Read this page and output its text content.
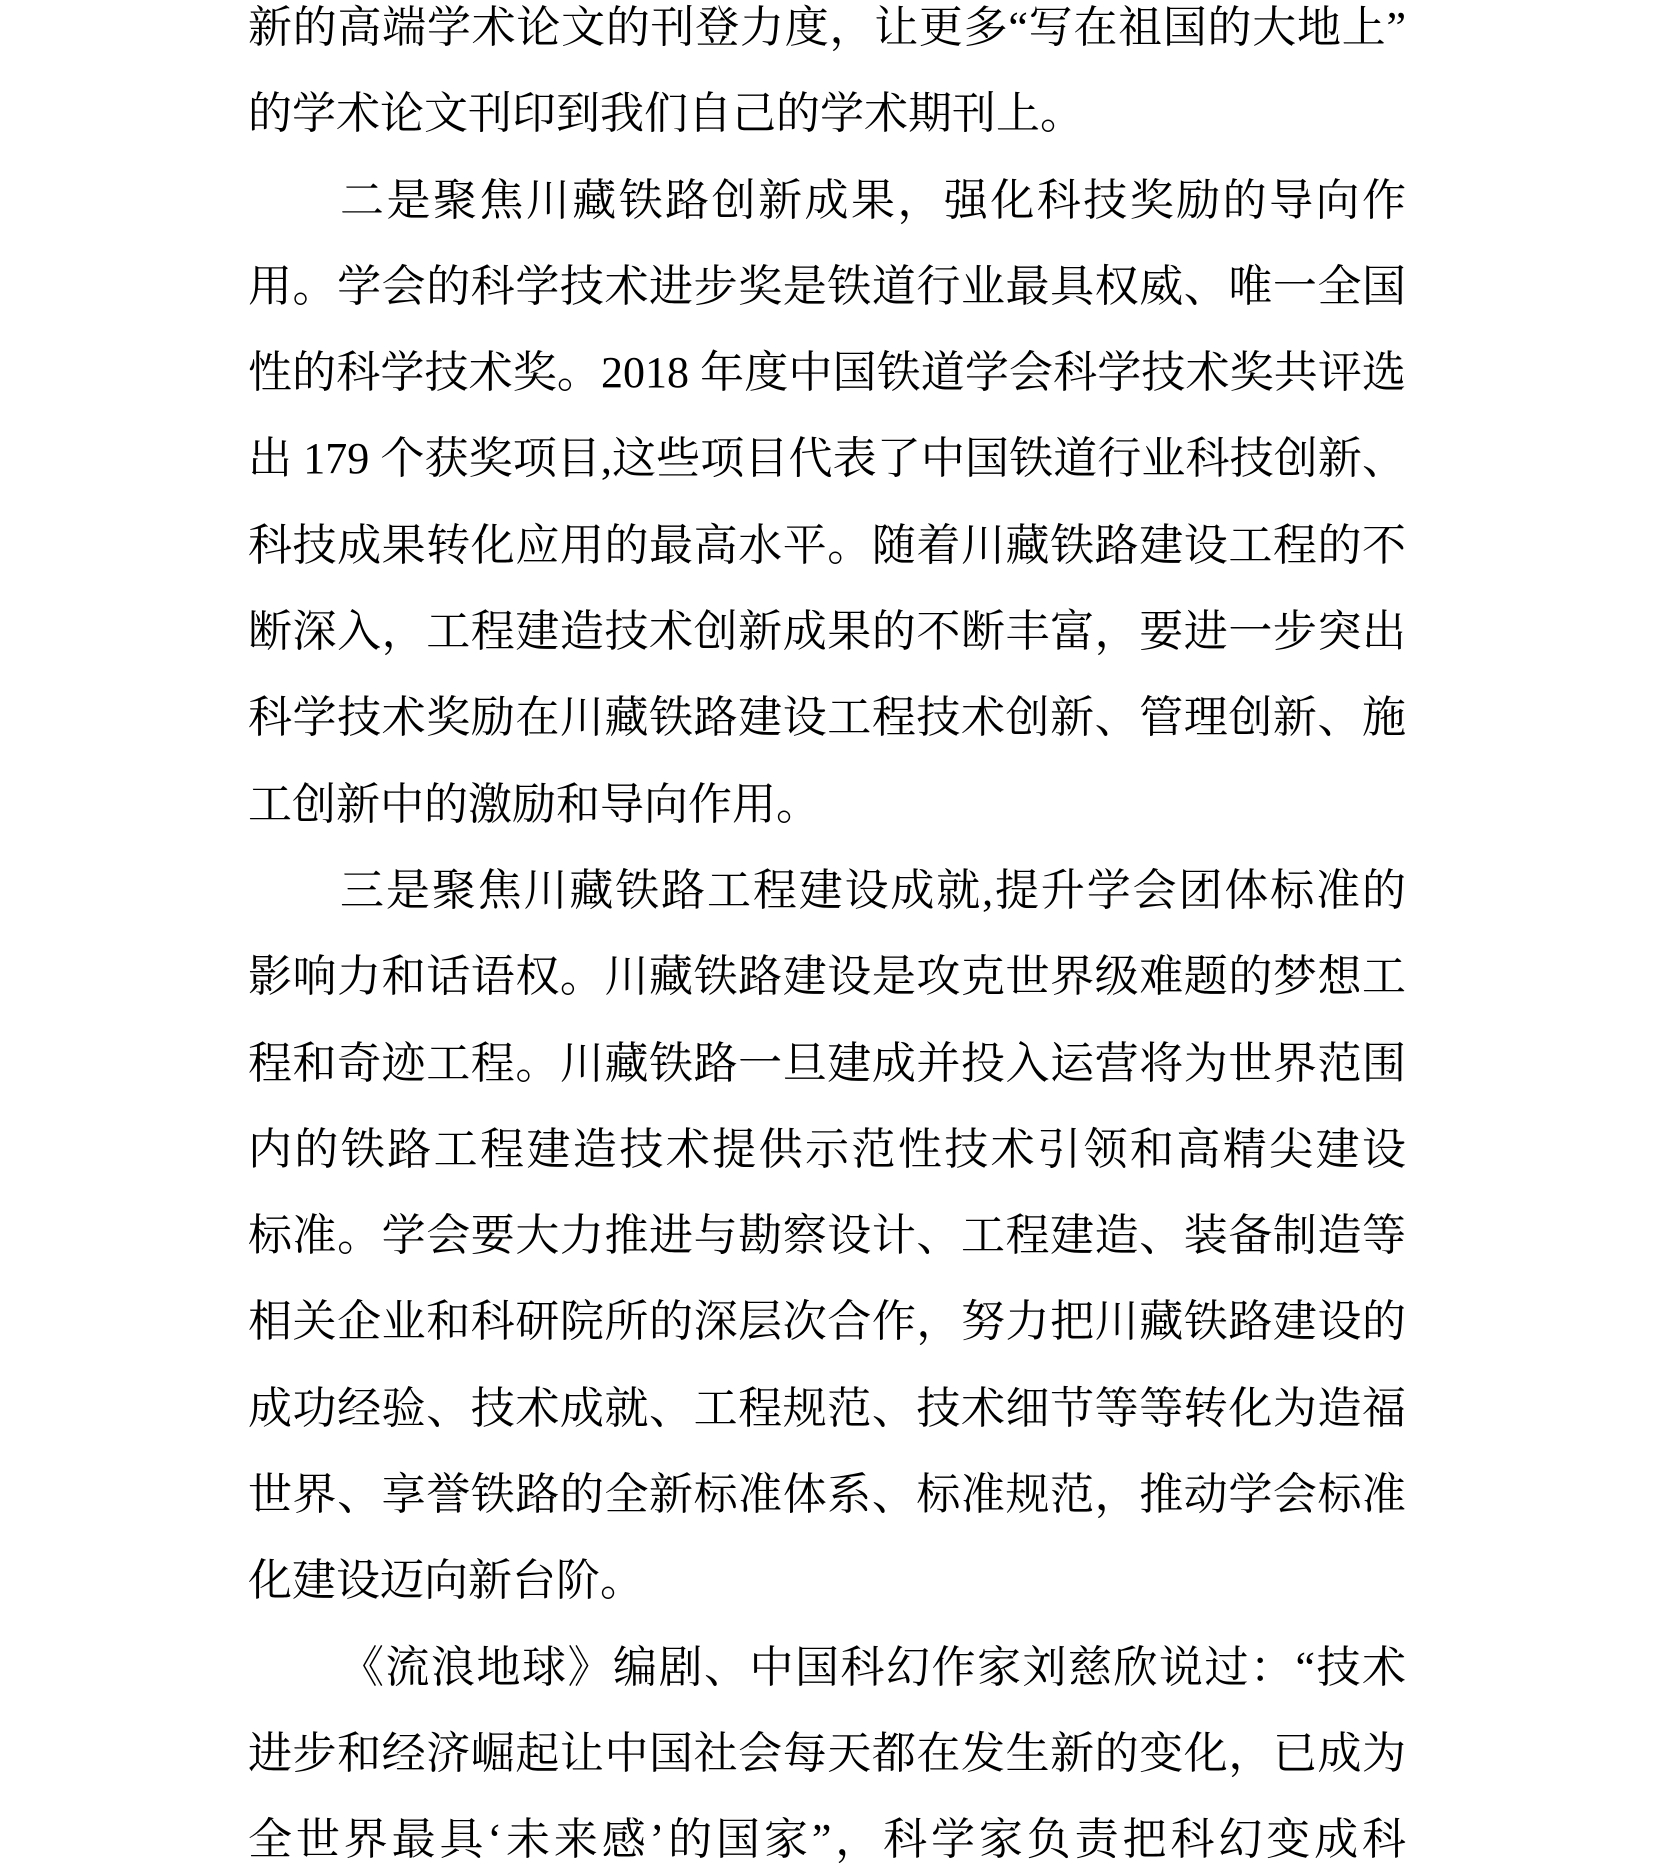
新的高端学术论文的刊登力度，让更多“写在祖国的大地上”
的学术论文刊印到我们自己的学术期刊上。
二是聚焦川藏铁路创新成果，强化科技奖励的导向作
用。学会的科学技术进步奖是铁道行业最具权威、唯一全国
性的科学技术奖。2018 年度中国铁道学会科学技术奖共评选
出 179 个获奖项目,这些项目代表了中国铁道行业科技创新、
科技成果转化应用的最高水平。随着川藏铁路建设工程的不
断深入，工程建造技术创新成果的不断丰富，要进一步突出
科学技术奖励在川藏铁路建设工程技术创新、管理创新、施
工创新中的激励和导向作用。
三是聚焦川藏铁路工程建设成就,提升学会团体标准的
影响力和话语权。川藏铁路建设是攻克世界级难题的梦想工
程和奇迹工程。川藏铁路一旦建成并投入运营将为世界范围
内的铁路工程建造技术提供示范性技术引领和高精尖建设
标准。学会要大力推进与勘察设计、工程建造、装备制造等
相关企业和科研院所的深层次合作，努力把川藏铁路建设的
成功经验、技术成就、工程规范、技术细节等等转化为造福
世界、享誉铁路的全新标准体系、标准规范，推动学会标准
化建设迈向新台阶。
《流浪地球》编剧、中国科幻作家刘慈欣说过：“技术
进步和经济崛起让中国社会每天都在发生新的变化，已成为
全世界最具‘未来感’的国家”，科学家负责把科幻变成科
